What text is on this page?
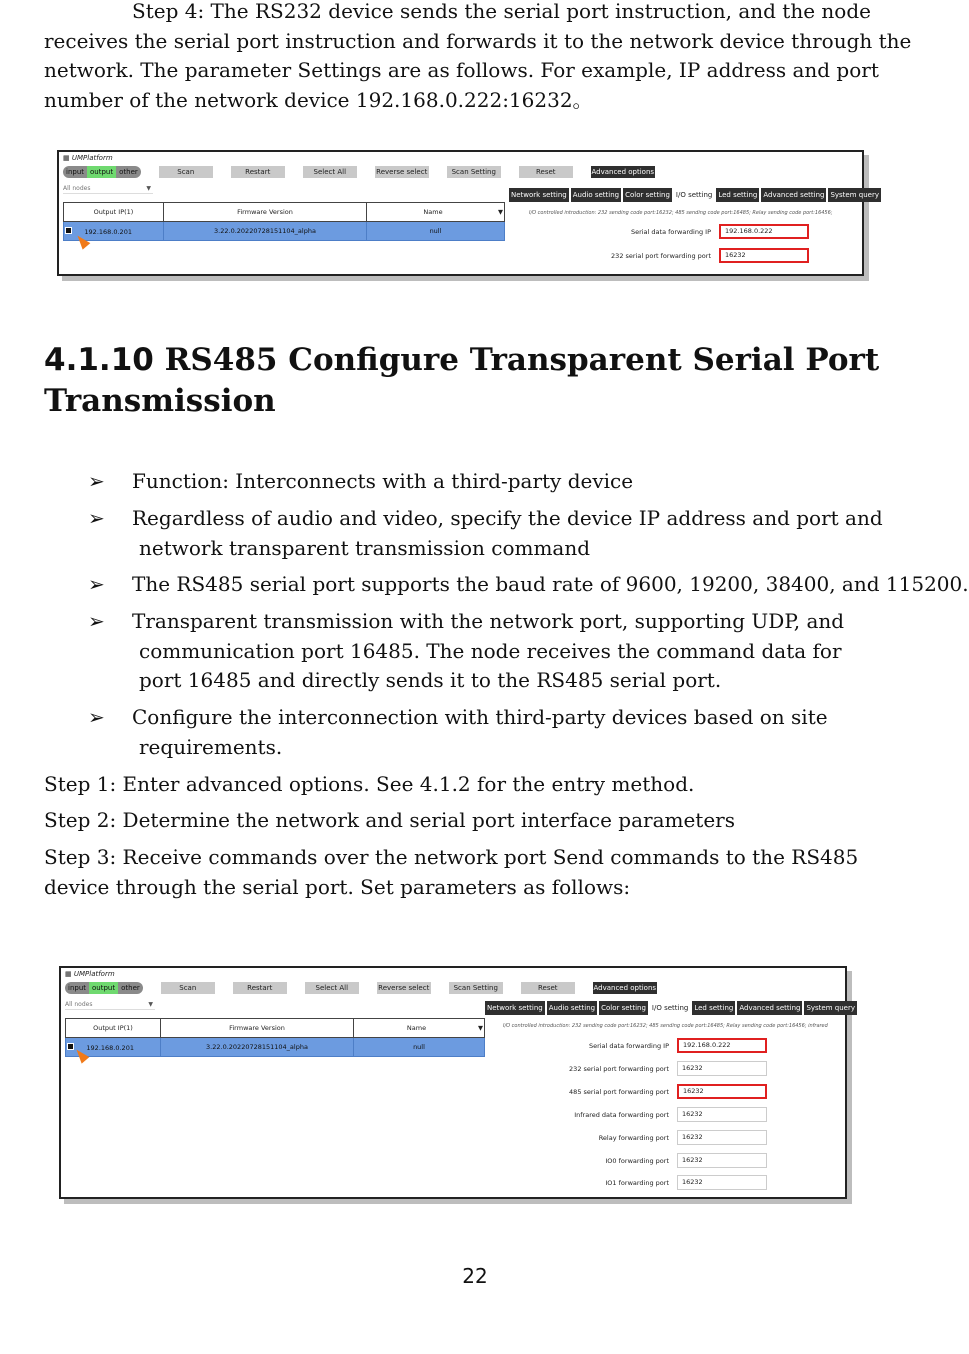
Step 4: The RS232 device sends the serial port instruction, and the node receives the serial port instruction and forwards it to the network device through the network. The parameter Settings are as follows. For example, IP address and port number of the network device 192.168.0.222:16232。

▦ UMPlatform
input output other	Scan	Restart	Select All	Reverse select	Scan Setting	Reset	Advanced options
All nodes	▼
Output IP(1)	Firmware Version	Name ▼

192.168.0.201	3.22.0.20220728151104_alpha	null
Network setting Audio setting Color setting I/O setting Led setting Advanced setting System query
I/O controlled introduction: 232 sending code port:16232; 485 sending code port:16485; Relay sending code port:16456;
Serial data forwarding IP	192.168.0.222
232 serial port forwarding port	16232
4.1.10 RS485 Configure Transparent Serial Port Transmission
➢ Function: Interconnects with a third-party device
➢ Regardless of audio and video, specify the device IP address and port and
network transparent transmission command
➢ The RS485 serial port supports the baud rate of 9600, 19200, 38400, and 115200.
➢ Transparent transmission with the network port, supporting UDP, and
communication port 16485. The node receives the command data for port 16485 and directly sends it to the RS485 serial port.
➢ Configure the interconnection with third-party devices based on site
requirements.

Step 1: Enter advanced options. See 4.1.2 for the entry method.

Step 2: Determine the network and serial port interface parameters

Step 3: Receive commands over the network port Send commands to the RS485 device through the serial port. Set parameters as follows:

▦ UMPlatform
input output other	Scan	Restart	Select All	Reverse select	Scan Setting	Reset	Advanced options
All nodes	▼
Output IP(1)	Firmware Version	Name ▼

192.168.0.201	3.22.0.20220728151104_alpha	null
Network setting Audio setting Color setting I/O setting Led setting Advanced setting System query
I/O controlled introduction: 232 sending code port:16232; 485 sending code port:16485; Relay sending code port:16456; infrared
Serial data forwarding IP	192.168.0.222
232 serial port forwarding port	16232
485 serial port forwarding port	16232
Infrared data forwarding port	16232
Relay forwarding port	16232
IO0 forwarding port	16232
IO1 forwarding port	16232
22
